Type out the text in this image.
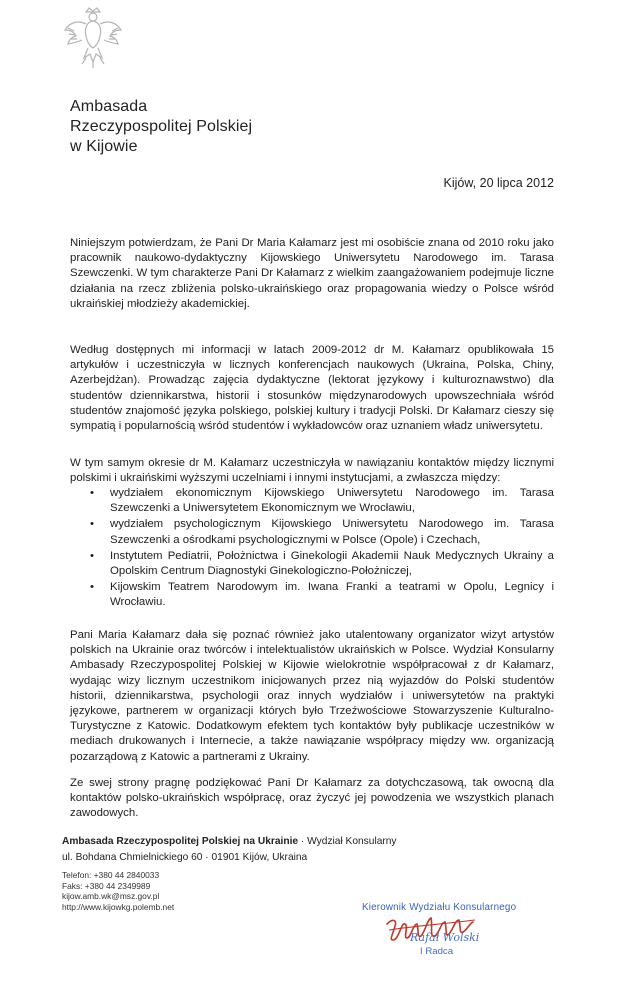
Ambasada
Rzeczypospolitej Polskiej
w Kijowie
Kijów, 20 lipca 2012

Niniejszym potwierdzam, że Pani Dr Maria Kałamarz jest mi osobiście znana od 2010 roku jako pracownik naukowo-dydaktyczny Kijowskiego Uniwersytetu Narodowego im. Tarasa Szewczenki. W tym charakterze Pani Dr Kałamarz z wielkim zaangażowaniem podejmuje liczne działania na rzecz zbliżenia polsko-ukraińskiego oraz propagowania wiedzy o Polsce wśród ukraińskiej młodzieży akademickiej.

Według dostępnych mi informacji w latach 2009-2012 dr M. Kałamarz opublikowała 15 artykułów i uczestniczyła w licznych konferencjach naukowych (Ukraina, Polska, Chiny, Azerbejdżan). Prowadząc zajęcia dydaktyczne (lektorat językowy i kulturoznawstwo) dla studentów dziennikarstwa, historii i stosunków międzynarodowych upowszechniała wśród studentów znajomość języka polskiego, polskiej kultury i tradycji Polski. Dr Kałamarz cieszy się sympatią i popularnością wśród studentów i wykładowców oraz uznaniem władz uniwersytetu.

W tym samym okresie dr M. Kałamarz uczestniczyła w nawiązaniu kontaktów między licznymi polskimi i ukraińskimi wyższymi uczelniami i innymi instytucjami, a zwłaszcza między:

• wydziałem ekonomicznym Kijowskiego Uniwersytetu Narodowego im. Tarasa Szewczenki a Uniwersytetem Ekonomicznym we Wrocławiu,
• wydziałem psychologicznym Kijowskiego Uniwersytetu Narodowego im. Tarasa Szewczenki a ośrodkami psychologicznymi w Polsce (Opole) i Czechach,
• Instytutem Pediatrii, Położnictwa i Ginekologii Akademii Nauk Medycznych Ukrainy a Opolskim Centrum Diagnostyki Ginekologiczno-Położniczej,
• Kijowskim Teatrem Narodowym im. Iwana Franki a teatrami w Opolu, Legnicy i Wrocławiu.

Pani Maria Kałamarz dała się poznać również jako utalentowany organizator wizyt artystów polskich na Ukrainie oraz twórców i intelektualistów ukraińskich w Polsce. Wydział Konsularny Ambasady Rzeczypospolitej Polskiej w Kijowie wielokrotnie współpracował z dr Kałamarz, wydając wizy licznym uczestnikom inicjowanych przez nią wyjazdów do Polski studentów historii, dziennikarstwa, psychologii oraz innych wydziałów i uniwersytetów na praktyki językowe, partnerem w organizacji których było Trzeźwościowe Stowarzyszenie Kulturalno-Turystyczne z Katowic. Dodatkowym efektem tych kontaktów były publikacje uczestników w mediach drukowanych i Internecie, a także nawiązanie współpracy między ww. organizacją pozarządową z Katowic a partnerami z Ukrainy.

Ze swej strony pragnę podziękować Pani Dr Kałamarz za dotychczasową, tak owocną dla kontaktów polsko-ukraińskich współpracę, oraz życzyć jej powodzenia we wszystkich planach zawodowych.

Ambasada Rzeczypospolitej Polskiej na Ukrainie · Wydział Konsularny
ul. Bohdana Chmielnickiego 60 · 01901 Kijów, Ukraina
Telefon: +380 44 2840033
Faks: +380 44 2349989
kijow.amb.wk@msz.gov.pl
http://www.kijowkg.polemb.net	Kierownik Wydziału Konsularnego
Rafał Wolski
I Radca
